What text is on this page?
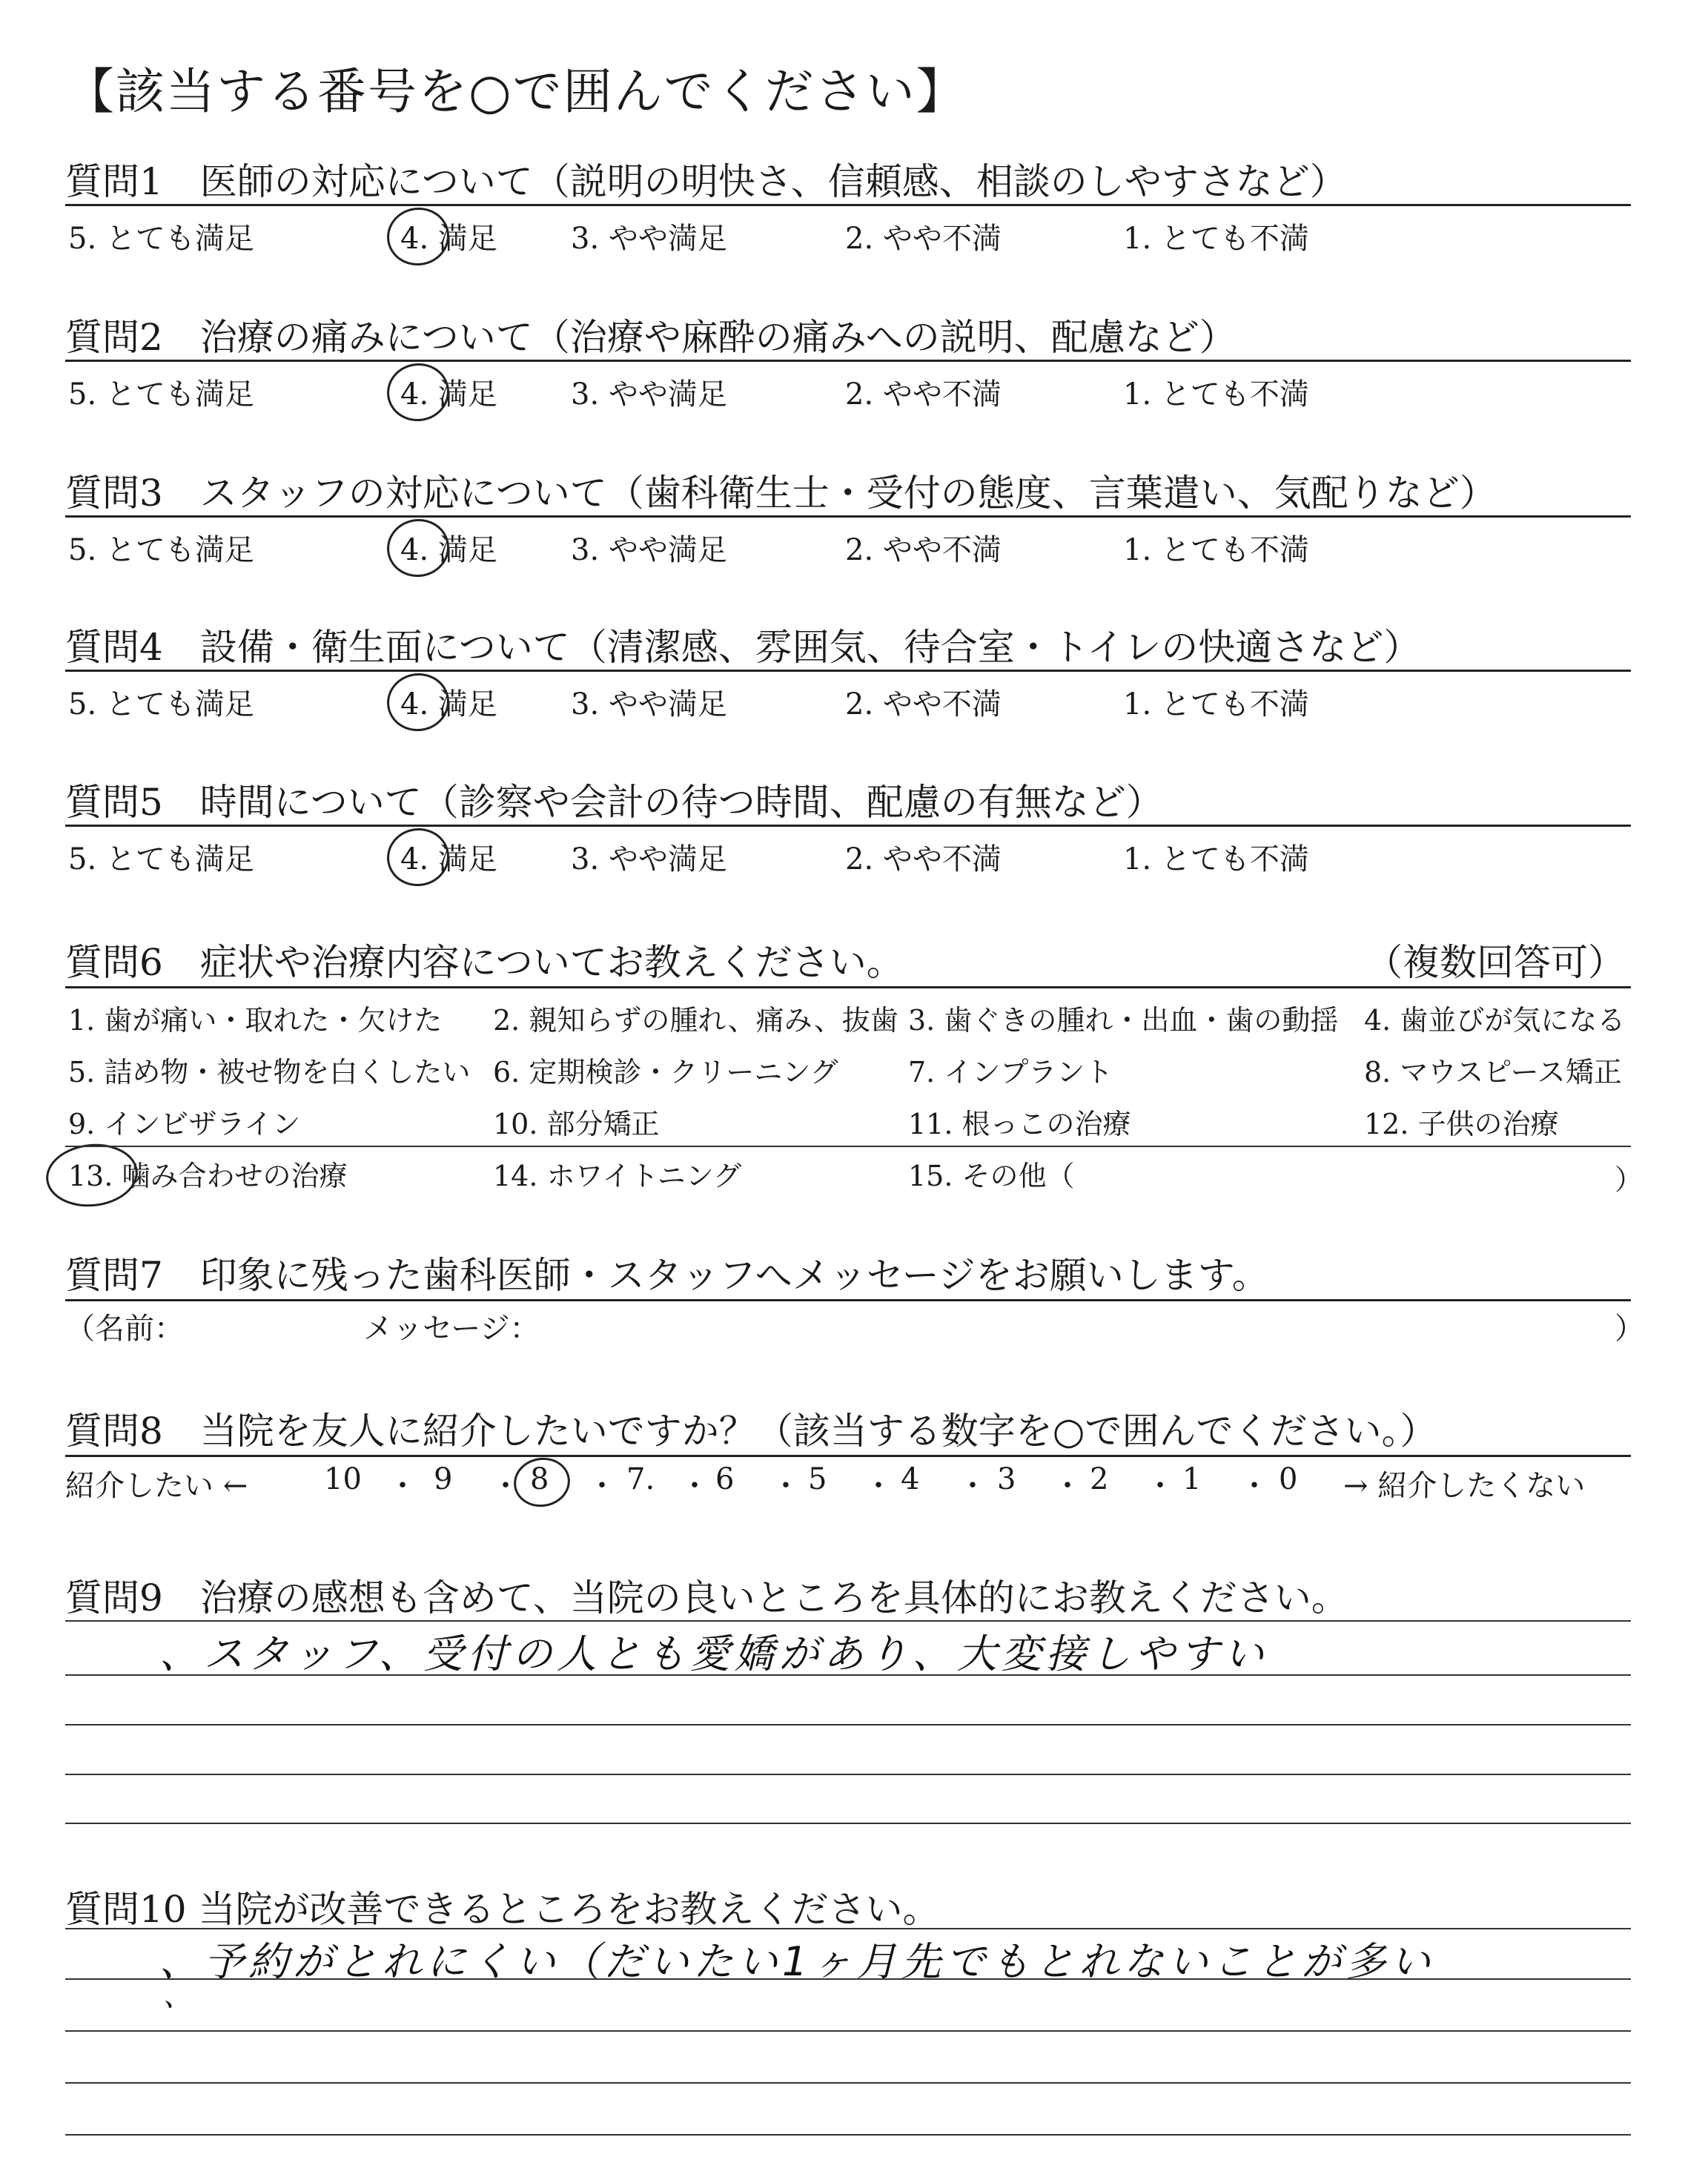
【該当する番号を○で囲んでください】
質問1　医師の対応について（説明の明快さ、信頼感、相談のしやすさなど）
5. とても満足	4. 満足 3. やや満足	2. やや不満	1. とても不満
質問2　治療の痛みについて（治療や麻酔の痛みへの説明、配慮など）
5. とても満足	4. 満足 3. やや満足	2. やや不満	1. とても不満
質問3　スタッフの対応について（歯科衛生士・受付の態度、言葉遣い、気配りなど）
5. とても満足	4. 満足 3. やや満足	2. やや不満	1. とても不満
質問4　設備・衛生面について（清潔感、雰囲気、待合室・トイレの快適さなど）
5. とても満足	4. 満足 3. やや満足	2. やや不満	1. とても不満
質問5　時間について（診察や会計の待つ時間、配慮の有無など）
5. とても満足	4. 満足 3. やや満足	2. やや不満	1. とても不満
質問6　症状や治療内容についてお教えください。	（複数回答可）
1. 歯が痛い・取れた・欠けた 2. 親知らずの腫れ、痛み、抜歯 3. 歯ぐきの腫れ・出血・歯の動揺 4. 歯並びが気になる
5. 詰め物・被せ物を白くしたい 6. 定期検診・クリーニング 7. インプラント	8. マウスピース矯正
9. インビザライン	10. 部分矯正	11. 根っこの治療	12. 子供の治療
13. 噛み合わせの治療	14. ホワイトニング	15. その他（	）
質問7　印象に残った歯科医師・スタッフへメッセージをお願いします。
（名前：	メッセージ：	）
質問8　当院を友人に紹介したいですか？（該当する数字を○で囲んでください。）
紹介したい ←	10 ・ 9 ・ 8 ・ 7. ・ 6 ・ 5 ・ 4 ・ 3 ・ 2 ・ 1 ・ 0 → 紹介したくない
質問9　治療の感想も含めて、当院の良いところを具体的にお教えください。
、スタッフ、受付の人とも愛嬌があり、大変接しやすい
質問10 当院が改善できるところをお教えください。
、予約がとれにくい（だいたい1ヶ月先でもとれないことが多い
、
